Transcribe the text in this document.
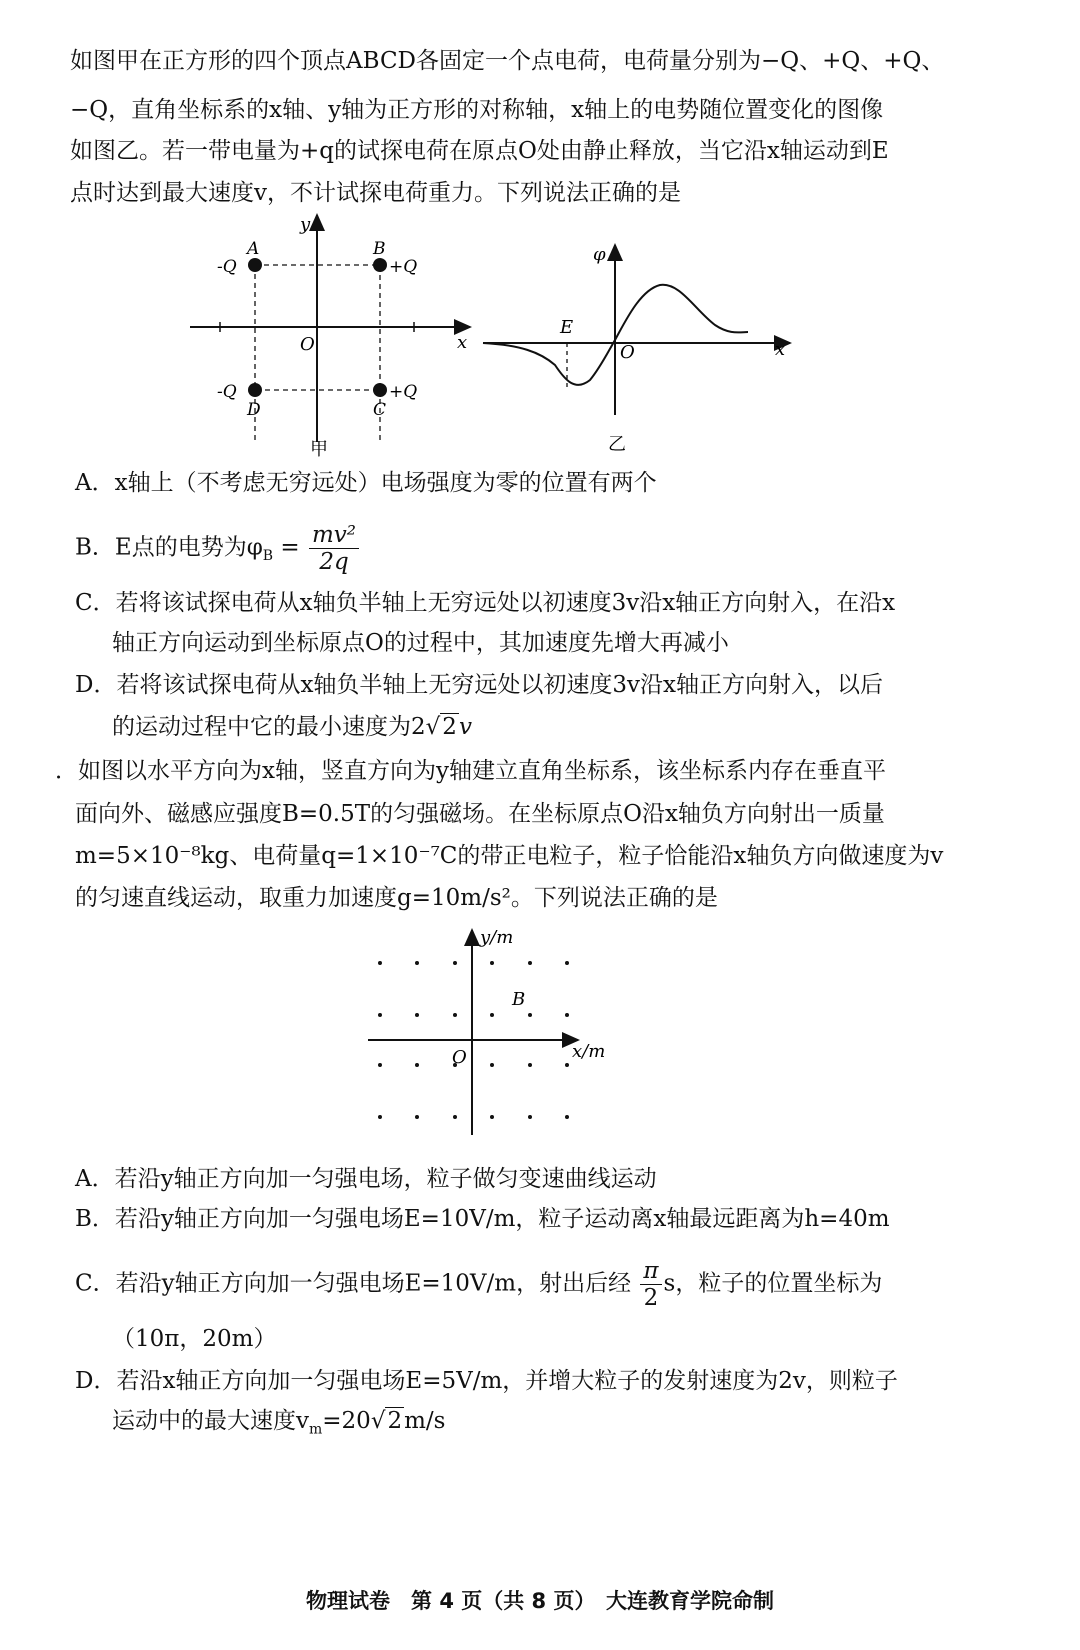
如图甲在正方形的四个顶点ABCD各固定一个点电荷，电荷量分别为−Q、+Q、+Q、
−Q，直角坐标系的x轴、y轴为正方形的对称轴，x轴上的电势随位置变化的图像
如图乙。若一带电量为+q的试探电荷在原点O处由静止释放，当它沿x轴运动到E
点时达到最大速度v，不计试探电荷重力。下列说法正确的是
y
x
O
A	B
C
D
-Q	+Q
+Q
-Q
甲
φ
x
O
E
乙
A．x轴上（不考虑无穷远处）电场强度为零的位置有两个
B．E点的电势为$\varphi_B = \frac{\text{mv²}}{2q}$
C．若将该试探电荷从x轴负半轴上无穷远处以初速度3v沿x轴正方向射入，在沿x
轴正方向运动到坐标原点O的过程中，其加速度先增大再减小
D．若将该试探电荷从x轴负半轴上无穷远处以初速度3v沿x轴正方向射入，以后
的运动过程中它的最小速度为2√2v
．如图以水平方向为x轴，竖直方向为y轴建立直角坐标系，该坐标系内存在垂直平
面向外、磁感应强度B=0.5T的匀强磁场。在坐标原点O沿x轴负方向射出一质量
m=5×10⁻⁸kg、电荷量q=1×10⁻⁷C的带正电粒子，粒子恰能沿x轴负方向做速度为v
的匀速直线运动，取重力加速度g=10m/s²。下列说法正确的是
y/m
x/m
O
B
A．若沿y轴正方向加一匀强电场，粒子做匀变速曲线运动
B．若沿y轴正方向加一匀强电场E=10V/m，粒子运动离x轴最远距离为h=40m
C．若沿y轴正方向加一匀强电场E=10V/m，射出后经 $\frac{\pi}{2}$ s，粒子的位置坐标为
（10π，20m）
D．若沿x轴正方向加一匀强电场E=5V/m，并增大粒子的发射速度为2v，则粒子
运动中的最大速度$v_m=20√2m/s$
物理试卷　第 4 页（共 8 页）　大连教育学院命制
